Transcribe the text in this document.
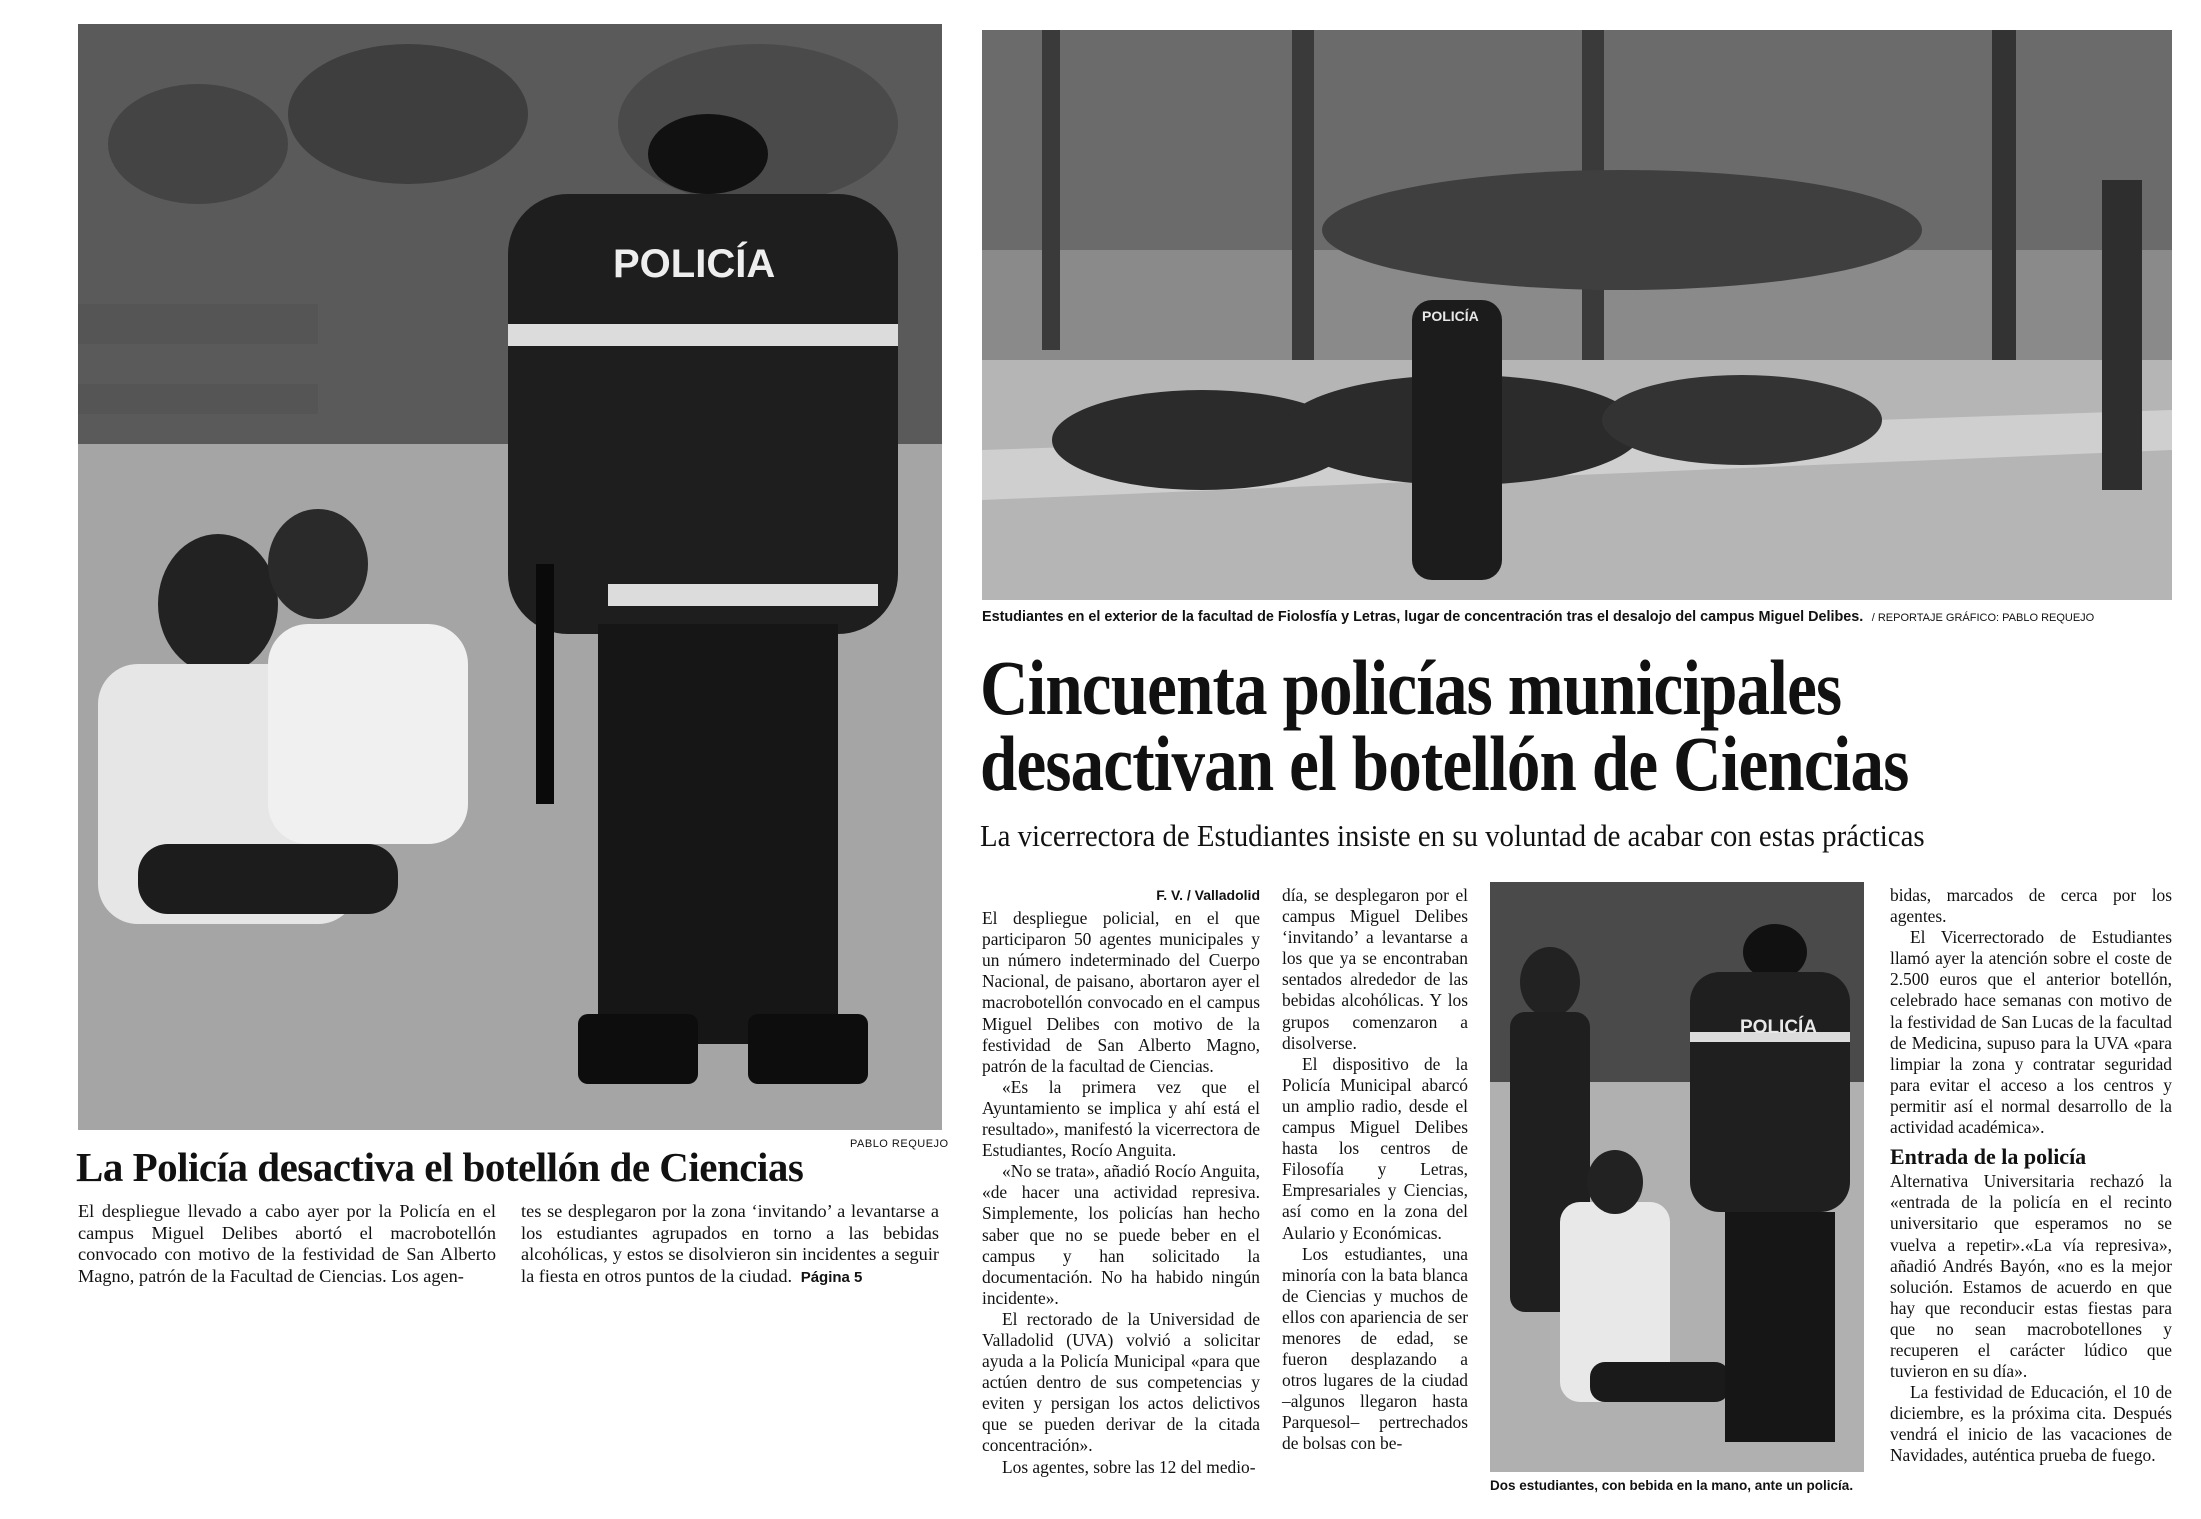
POLICÍA
PABLO REQUEJO
La Policía desactiva el botellón de Ciencias
El despliegue llevado a cabo ayer por la Policía en el campus Miguel Delibes abortó el macrobotellón convocado con motivo de la festividad de San Alberto Magno, patrón de la Facultad de Ciencias. Los agen-
tes se desplegaron por la zona ‘invitando’ a levantarse a los estudiantes agrupados en torno a las bebidas alcohólicas, y estos se disolvieron sin incidentes a seguir la fiesta en otros puntos de la ciudad. Página 5
POLICÍA
Estudiantes en el exterior de la facultad de Fiolosfía y Letras, lugar de concentración tras el desalojo del campus Miguel Delibes. / REPORTAJE GRÁFICO: PABLO REQUEJO
Cincuenta policías municipales
desactivan el botellón de Ciencias
La vicerrectora de Estudiantes insiste en su voluntad de acabar con estas prácticas
F. V. / Valladolid

El despliegue policial, en el que participaron 50 agentes municipales y un número indeterminado del Cuerpo Nacional, de paisano, abortaron ayer el macrobotellón convocado en el campus Miguel Delibes con motivo de la festividad de San Alberto Magno, patrón de la facultad de Ciencias.

«Es la primera vez que el Ayuntamiento se implica y ahí está el resultado», manifestó la vicerrectora de Estudiantes, Rocío Anguita.

«No se trata», añadió Rocío Anguita, «de hacer una actividad represiva. Simplemente, los policías han hecho saber que no se puede beber en el campus y han solicitado la documentación. No ha habido ningún incidente».

El rectorado de la Universidad de Valladolid (UVA) volvió a solicitar ayuda a la Policía Municipal «para que actúen dentro de sus competencias y eviten y persigan los actos delictivos que se pueden derivar de la citada concentración».

Los agentes, sobre las 12 del medio-

día, se desplegaron por el campus Miguel Delibes ‘invitando’ a levantarse a los que ya se encontraban sentados alrededor de las bebidas alcohólicas. Y los grupos comenzaron a disolverse.

El dispositivo de la Policía Municipal abarcó un amplio radio, desde el campus Miguel Delibes hasta los centros de Filosofía y Letras, Empresariales y Ciencias, así como en la zona del Aulario y Económicas.

Los estudiantes, una minoría con la bata blanca de Ciencias y muchos de ellos con apariencia de ser menores de edad, se fueron desplazando a otros lugares de la ciudad –algunos llegaron hasta Parquesol– pertrechados de bolsas con be-

POLICÍA
Dos estudiantes, con bebida en la mano, ante un policía.

bidas, marcados de cerca por los agentes.

El Vicerrectorado de Estudiantes llamó ayer la atención sobre el coste de 2.500 euros que el anterior botellón, celebrado hace semanas con motivo de la festividad de San Lucas de la facultad de Medicina, supuso para la UVA «para limpiar la zona y contratar seguridad para evitar el acceso a los centros y permitir así el normal desarrollo de la actividad académica».

Entrada de la policía

Alternativa Universitaria rechazó la «entrada de la policía en el recinto universitario que esperamos no se vuelva a repetir».«La vía represiva», añadió Andrés Bayón, «no es la mejor solución. Estamos de acuerdo en que hay que reconducir estas fiestas para que no sean macrobotellones y recuperen el carácter lúdico que tuvieron en su día».

La festividad de Educación, el 10 de diciembre, es la próxima cita. Después vendrá el inicio de las vacaciones de Navidades, auténtica prueba de fuego.
